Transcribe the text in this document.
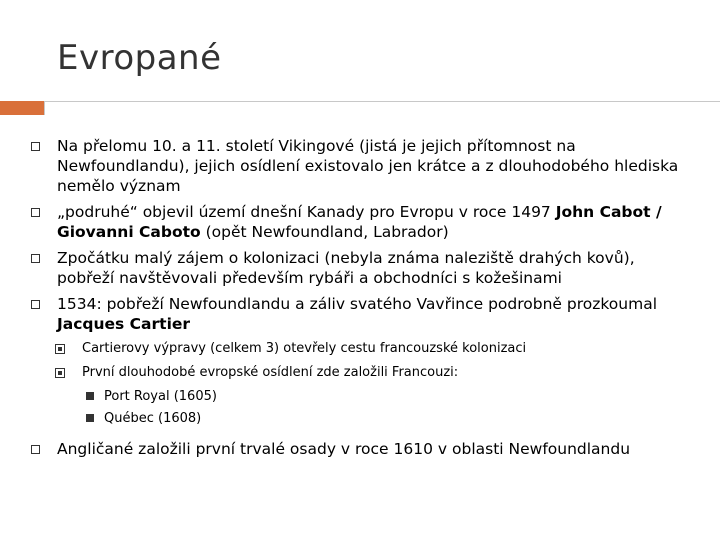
Evropané
Na přelomu 10. a 11. století Vikingové (jistá je jejich přítomnost na Newfoundlandu), jejich osídlení existovalo jen krátce a z dlouhodobého hlediska nemělo význam
„podruhé“ objevil území dnešní Kanady pro Evropu v roce 1497 John Cabot / Giovanni Caboto (opět Newfoundland, Labrador)
Zpočátku malý zájem o kolonizaci (nebyla známa naleziště drahých kovů), pobřeží navštěvovali především rybáři a obchodníci s kožešinami
1534: pobřeží Newfoundlandu a záliv svatého Vavřince podrobně prozkoumal Jacques Cartier
Cartierovy výpravy (celkem 3) otevřely cestu francouzské kolonizaci
První dlouhodobé evropské osídlení zde založili Francouzi:
Port Royal (1605)
Québec (1608)
Angličané založili první trvalé osady v roce 1610 v oblasti Newfoundlandu
